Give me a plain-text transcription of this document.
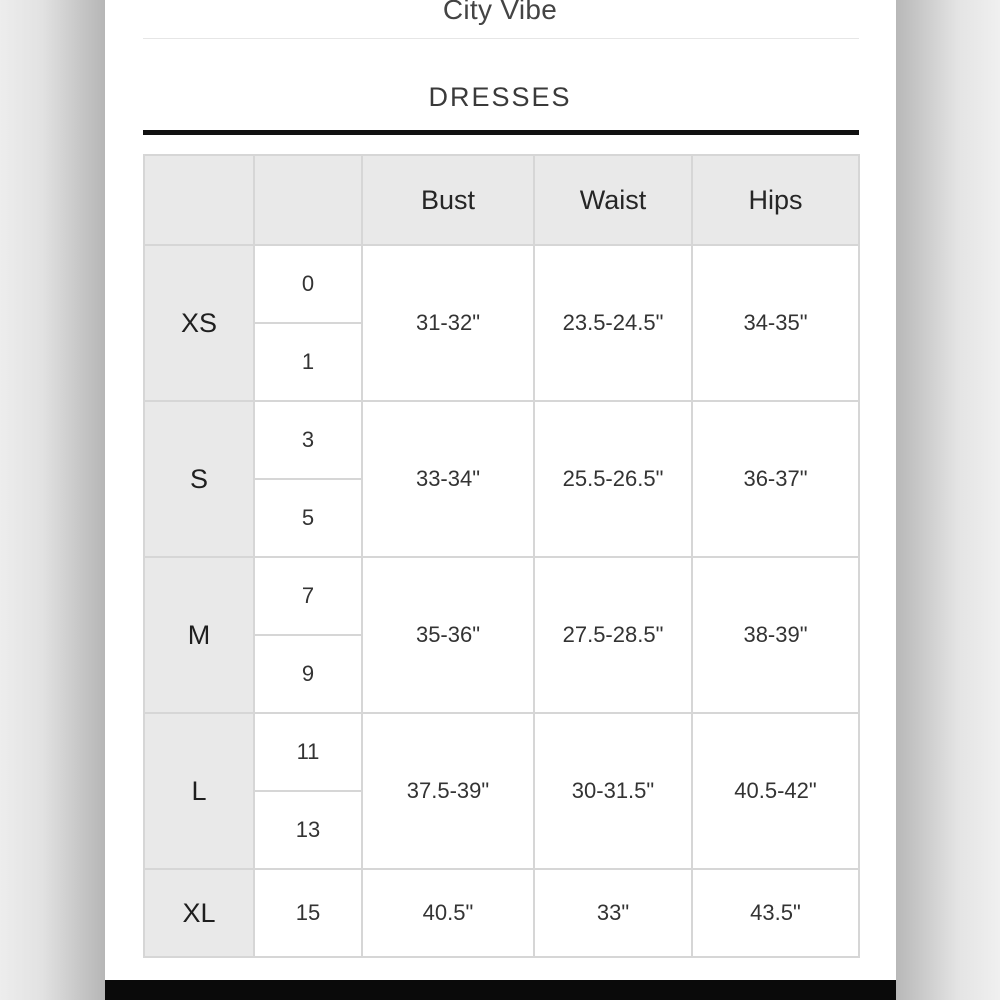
City Vibe
DRESSES
		Bust	Waist	Hips
XS	0	31-32"	23.5-24.5"	34-35"
	1			
S	3	33-34"	25.5-26.5"	36-37"
	5			
M	7	35-36"	27.5-28.5"	38-39"
	9			
L	11	37.5-39"	30-31.5"	40.5-42"
	13			
XL	15	40.5"	33"	43.5"
